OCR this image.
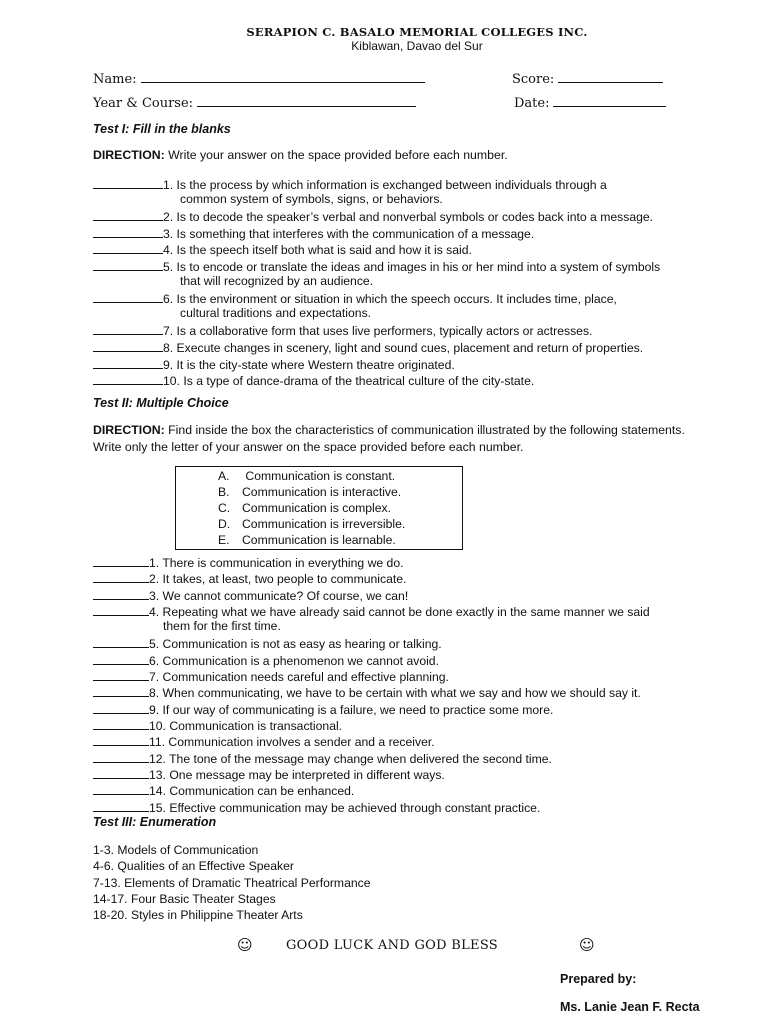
SERAPION C. BASALO MEMORIAL COLLEGES INC.
Kiblawan, Davao del Sur
Name:	Score:
Year & Course:	Date:
Test I: Fill in the blanks
DIRECTION: Write your answer on the space provided before each number.
1. Is the process by which information is exchanged between individuals through a
common system of symbols, signs, or behaviors.
2. Is to decode the speaker’s verbal and nonverbal symbols or codes back into a message.
3. Is something that interferes with the communication of a message.
4. Is the speech itself both what is said and how it is said.
5. Is to encode or translate the ideas and images in his or her mind into a system of symbols
that will recognized by an audience.
6. Is the environment or situation in which the speech occurs. It includes time, place,
cultural traditions and expectations.
7. Is a collaborative form that uses live performers, typically actors or actresses.
8. Execute changes in scenery, light and sound cues, placement and return of properties.
9. It is the city-state where Western theatre originated.
10. Is a type of dance-drama of the theatrical culture of the city-state.
Test II: Multiple Choice
DIRECTION: Find inside the box the characteristics of communication illustrated by the following statements.
Write only the letter of your answer on the space provided before each number.
A. Communication is constant.
B. Communication is interactive.
C. Communication is complex.
D. Communication is irreversible.
E. Communication is learnable.
1. There is communication in everything we do.
2. It takes, at least, two people to communicate.
3. We cannot communicate? Of course, we can!
4. Repeating what we have already said cannot be done exactly in the same manner we said
them for the first time.
5. Communication is not as easy as hearing or talking.
6. Communication is a phenomenon we cannot avoid.
7. Communication needs careful and effective planning.
8. When communicating, we have to be certain with what we say and how we should say it.
9. If our way of communicating is a failure, we need to practice some more.
10. Communication is transactional.
11. Communication involves a sender and a receiver.
12. The tone of the message may change when delivered the second time.
13. One message may be interpreted in different ways.
14. Communication can be enhanced.
15. Effective communication may be achieved through constant practice.
Test III: Enumeration
1-3. Models of Communication
4-6. Qualities of an Effective Speaker
7-13. Elements of Dramatic Theatrical Performance
14-17. Four Basic Theater Stages
18-20. Styles in Philippine Theater Arts
☺	GOOD LUCK AND GOD BLESS	☺
Prepared by:
Ms. Lanie Jean F. Recta
